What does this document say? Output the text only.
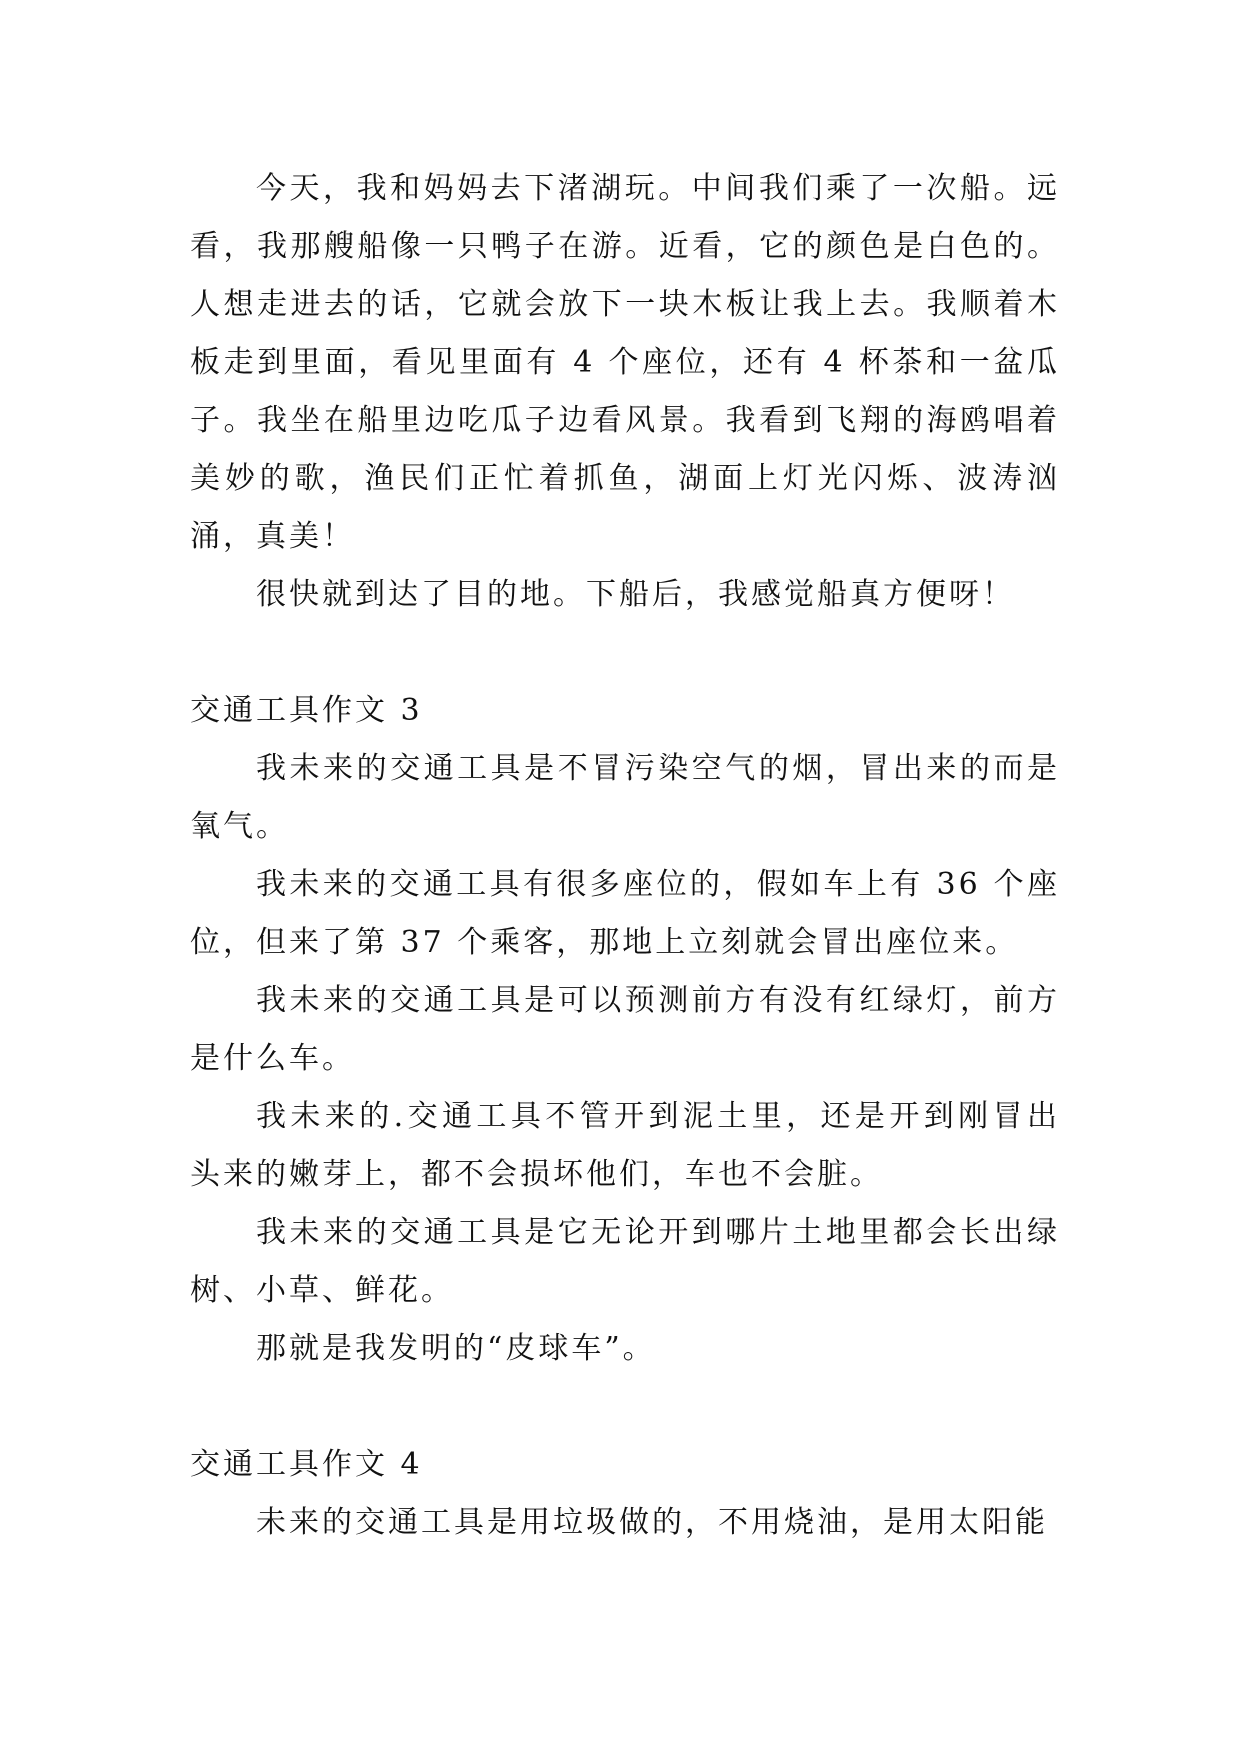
今天，我和妈妈去下渚湖玩。中间我们乘了一次船。远看，我那艘船像一只鸭子在游。近看，它的颜色是白色的。人想走进去的话，它就会放下一块木板让我上去。我顺着木板走到里面，看见里面有 4 个座位，还有 4 杯茶和一盆瓜子。我坐在船里边吃瓜子边看风景。我看到飞翔的海鸥唱着美妙的歌，渔民们正忙着抓鱼，湖面上灯光闪烁、波涛汹涌，真美！

很快就到达了目的地。下船后，我感觉船真方便呀！

交通工具作文 3

我未来的交通工具是不冒污染空气的烟，冒出来的而是氧气。

我未来的交通工具有很多座位的，假如车上有 36 个座位，但来了第 37 个乘客，那地上立刻就会冒出座位来。

我未来的交通工具是可以预测前方有没有红绿灯，前方是什么车。

我未来的.交通工具不管开到泥土里，还是开到刚冒出头来的嫩芽上，都不会损坏他们，车也不会脏。

我未来的交通工具是它无论开到哪片土地里都会长出绿树、小草、鲜花。

那就是我发明的“皮球车”。

交通工具作文 4

未来的交通工具是用垃圾做的，不用烧油，是用太阳能
